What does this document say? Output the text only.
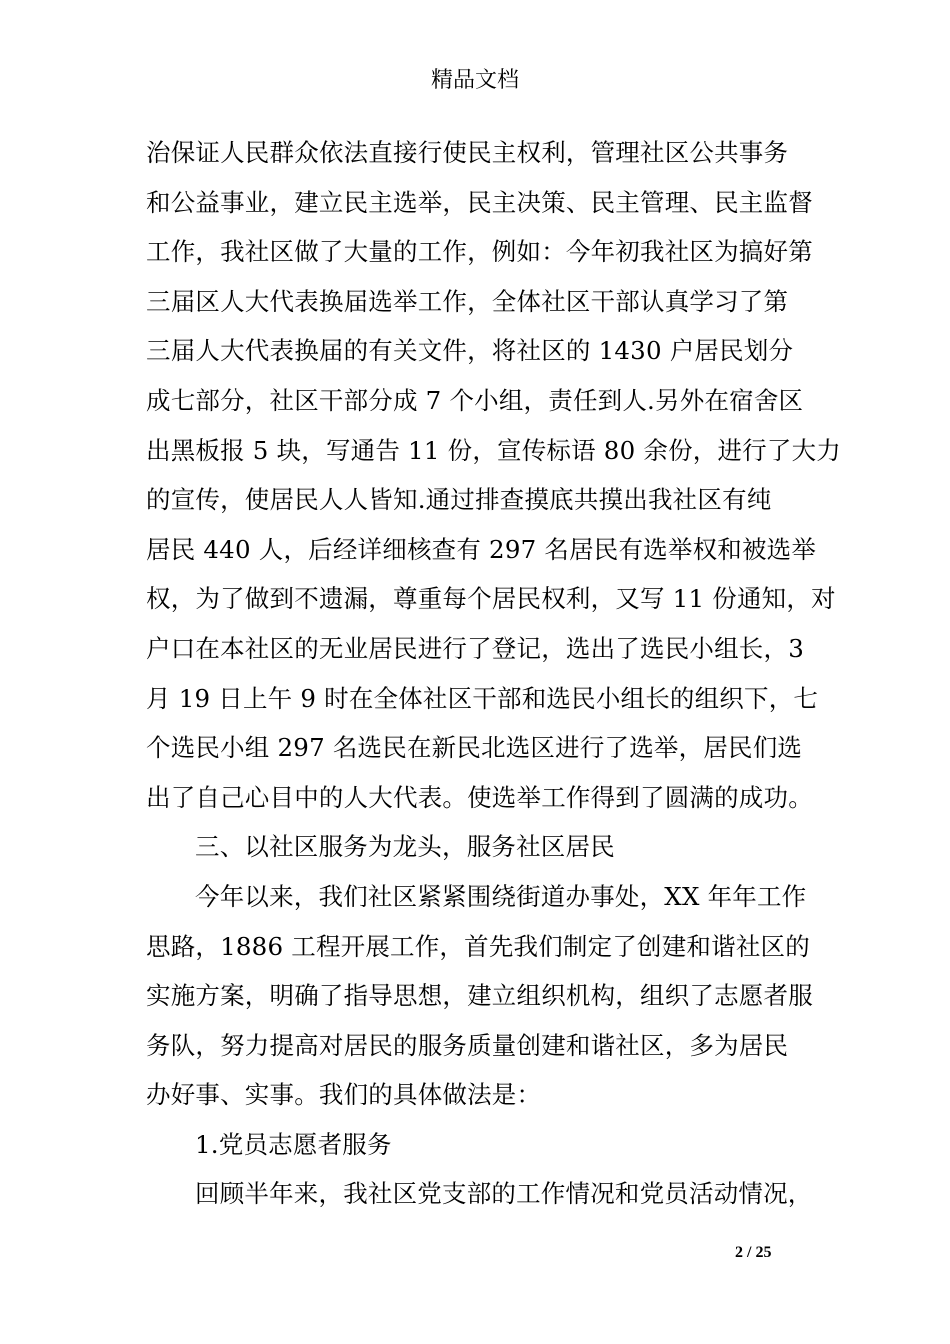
精品文档
治保证人民群众依法直接行使民主权利，管理社区公共事务
和公益事业，建立民主选举，民主决策、民主管理、民主监督
工作，我社区做了大量的工作，例如：今年初我社区为搞好第
三届区人大代表换届选举工作，全体社区干部认真学习了第
三届人大代表换届的有关文件，将社区的 1430 户居民划分
成七部分，社区干部分成 7 个小组，责任到人.另外在宿舍区
出黑板报 5 块，写通告 11 份，宣传标语 80 余份，进行了大力
的宣传，使居民人人皆知.通过排查摸底共摸出我社区有纯
居民 440 人，后经详细核查有 297 名居民有选举权和被选举
权，为了做到不遗漏，尊重每个居民权利，又写 11 份通知，对
户口在本社区的无业居民进行了登记，选出了选民小组长，3
月 19 日上午 9 时在全体社区干部和选民小组长的组织下，七
个选民小组 297 名选民在新民北选区进行了选举，居民们选
出了自己心目中的人大代表。使选举工作得到了圆满的成功。
三、以社区服务为龙头，服务社区居民
今年以来，我们社区紧紧围绕街道办事处，XX 年年工作
思路，1886 工程开展工作，首先我们制定了创建和谐社区的
实施方案，明确了指导思想，建立组织机构，组织了志愿者服
务队，努力提高对居民的服务质量创建和谐社区，多为居民
办好事、实事。我们的具体做法是：
1.党员志愿者服务
回顾半年来，我社区党支部的工作情况和党员活动情况，
2 / 25
